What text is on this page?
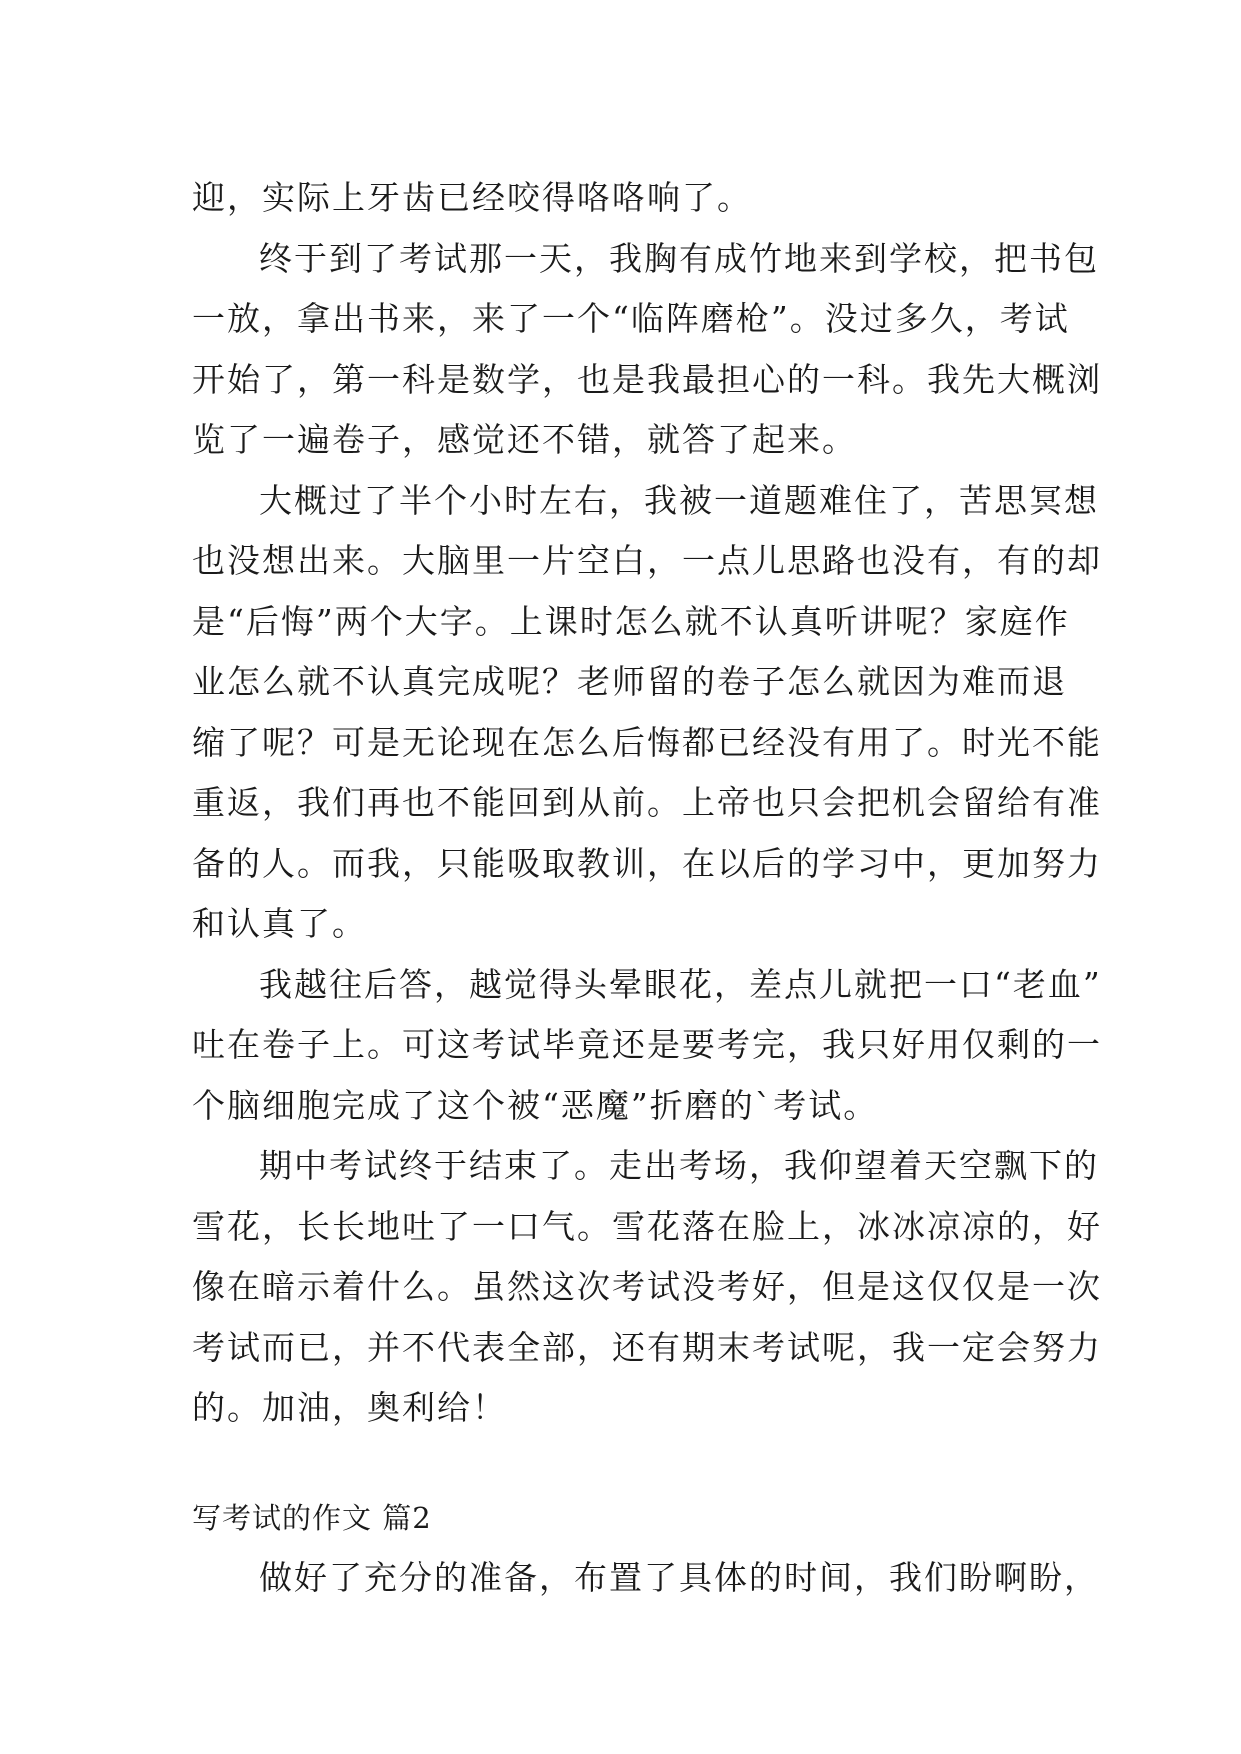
迎，实际上牙齿已经咬得咯咯响了。
终于到了考试那一天，我胸有成竹地来到学校，把书包
一放，拿出书来，来了一个“临阵磨枪”。没过多久，考试
开始了，第一科是数学，也是我最担心的一科。我先大概浏
览了一遍卷子，感觉还不错，就答了起来。
大概过了半个小时左右，我被一道题难住了，苦思冥想
也没想出来。大脑里一片空白，一点儿思路也没有，有的却
是“后悔”两个大字。上课时怎么就不认真听讲呢？家庭作
业怎么就不认真完成呢？老师留的卷子怎么就因为难而退
缩了呢？可是无论现在怎么后悔都已经没有用了。时光不能
重返，我们再也不能回到从前。上帝也只会把机会留给有准
备的人。而我，只能吸取教训，在以后的学习中，更加努力
和认真了。
我越往后答，越觉得头晕眼花，差点儿就把一口“老血”
吐在卷子上。可这考试毕竟还是要考完，我只好用仅剩的一
个脑细胞完成了这个被“恶魔”折磨的`考试。
期中考试终于结束了。走出考场，我仰望着天空飘下的
雪花，长长地吐了一口气。雪花落在脸上，冰冰凉凉的，好
像在暗示着什么。虽然这次考试没考好，但是这仅仅是一次
考试而已，并不代表全部，还有期末考试呢，我一定会努力
的。加油，奥利给！
写考试的作文 篇2
做好了充分的准备，布置了具体的时间，我们盼啊盼，
